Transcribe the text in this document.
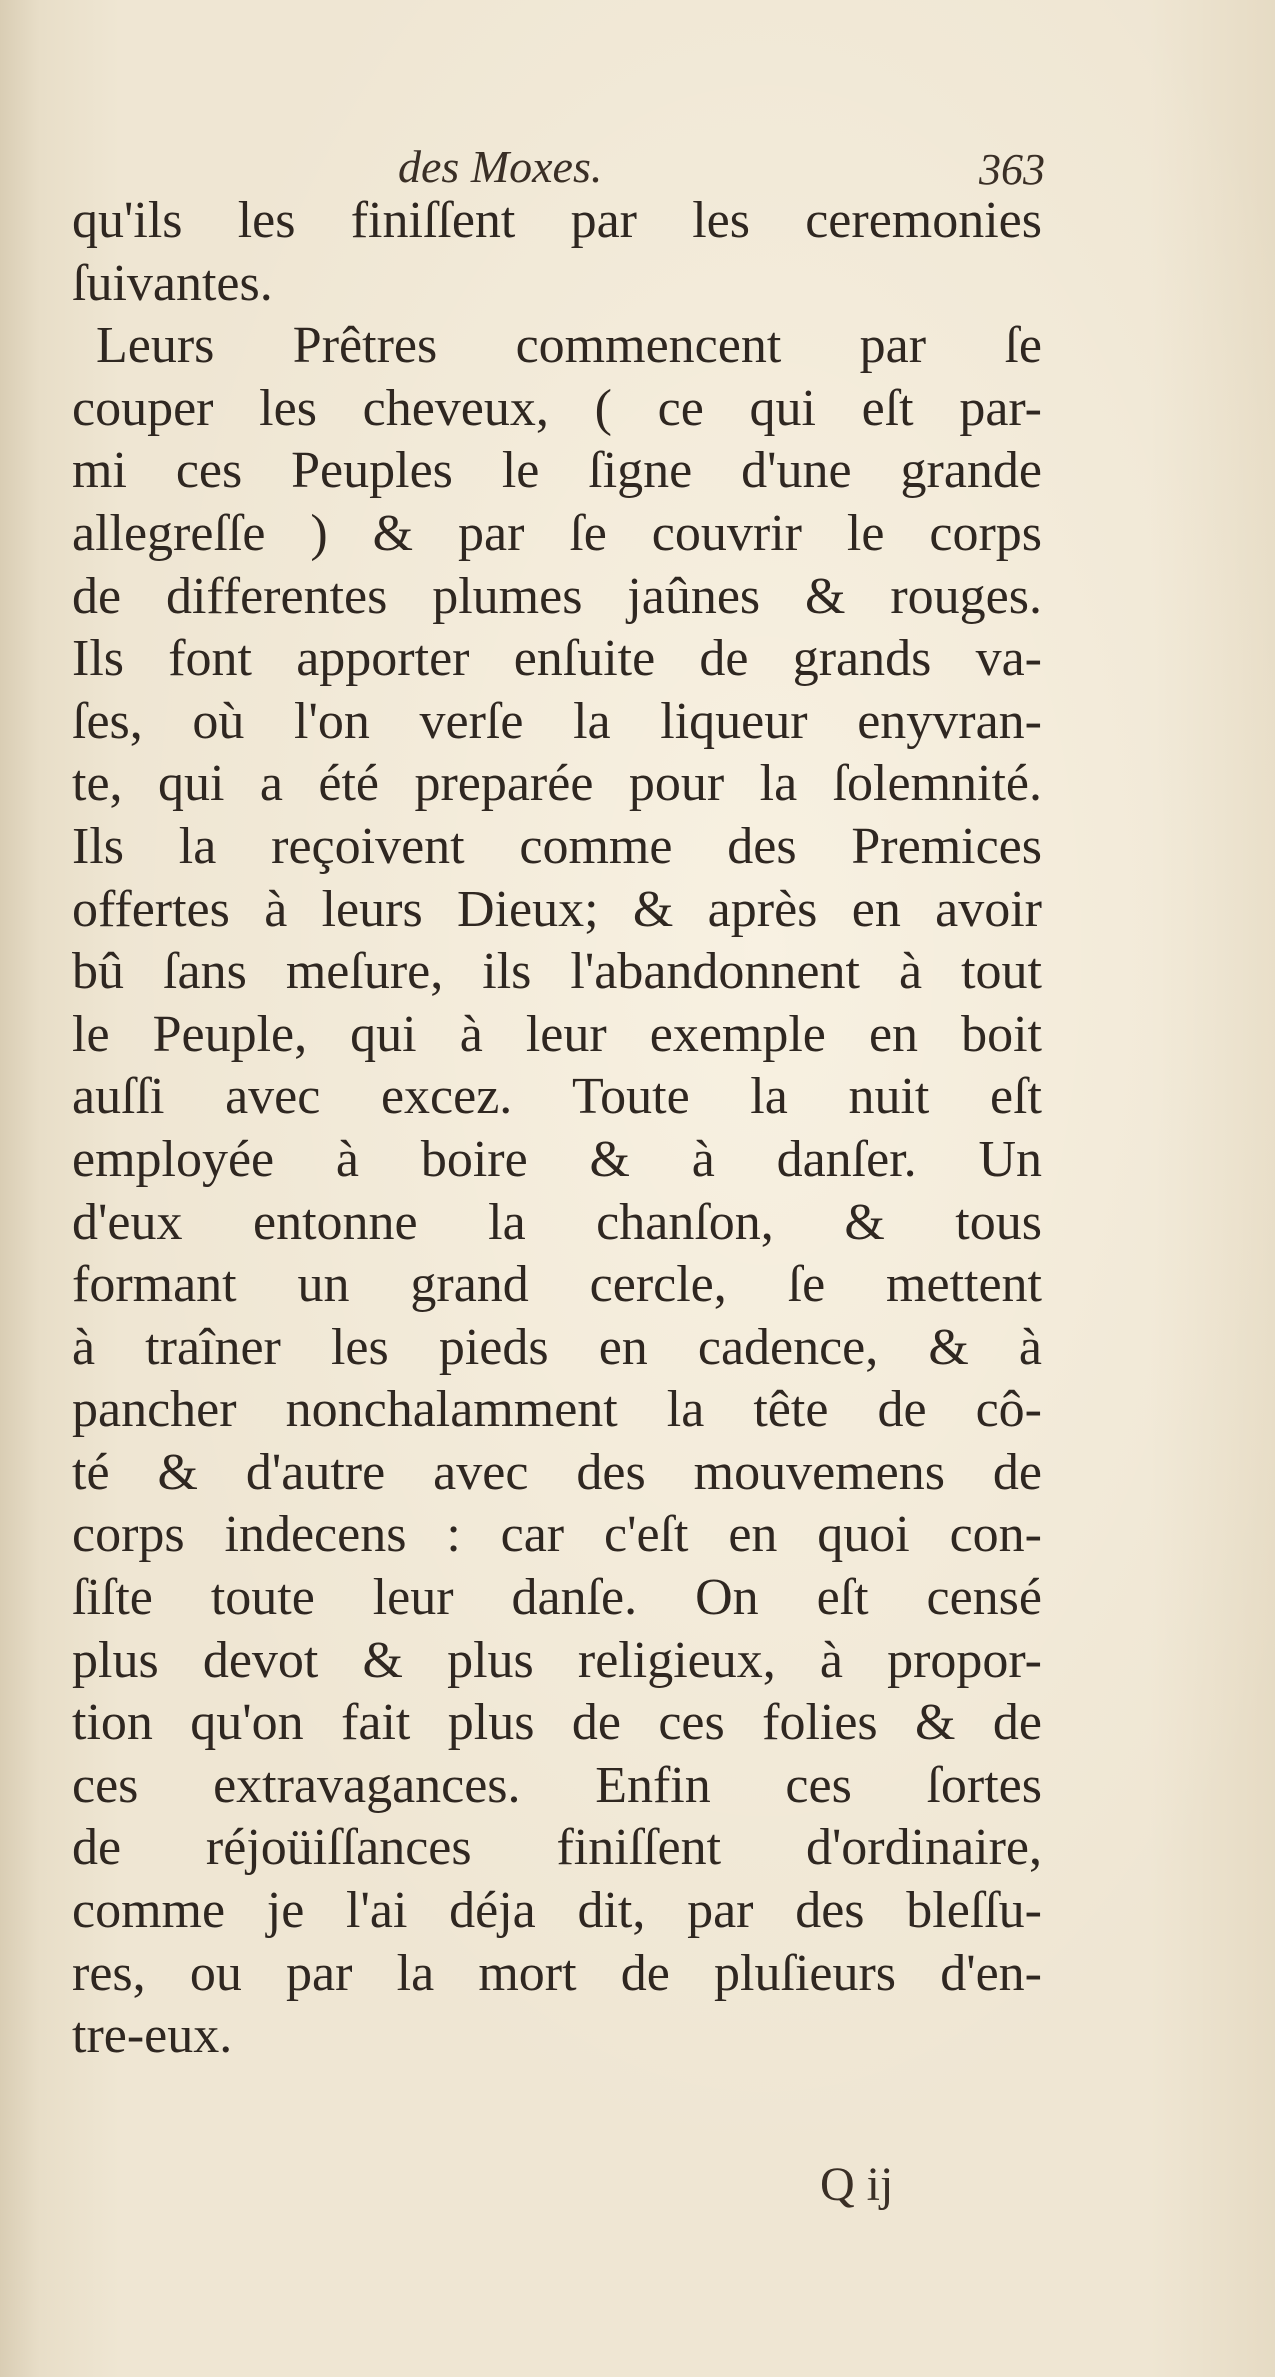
des Moxes.	363
qu'ils les finiſſent par les ceremonies
ſuivantes.
Leurs Prêtres commencent par ſe
couper les cheveux, ( ce qui eſt par-
mi ces Peuples le ſigne d'une grande
allegreſſe ) & par ſe couvrir le corps
de differentes plumes jaûnes & rouges.
Ils font apporter enſuite de grands va-
ſes, où l'on verſe la liqueur enyvran-
te, qui a été preparée pour la ſolemnité.
Ils la reçoivent comme des Premices
offertes à leurs Dieux; & après en avoir
bû ſans meſure, ils l'abandonnent à tout
le Peuple, qui à leur exemple en boit
auſſi avec excez. Toute la nuit eſt
employée à boire & à danſer. Un
d'eux entonne la chanſon, & tous
formant un grand cercle, ſe mettent
à traîner les pieds en cadence, & à
pancher nonchalamment la tête de cô-
té & d'autre avec des mouvemens de
corps indecens : car c'eſt en quoi con-
ſiſte toute leur danſe. On eſt censé
plus devot & plus religieux, à propor-
tion qu'on fait plus de ces folies & de
ces extravagances. Enfin ces ſortes
de réjoüiſſances finiſſent d'ordinaire,
comme je l'ai déja dit, par des bleſſu-
res, ou par la mort de pluſieurs d'en-
tre-eux.
Q ij
